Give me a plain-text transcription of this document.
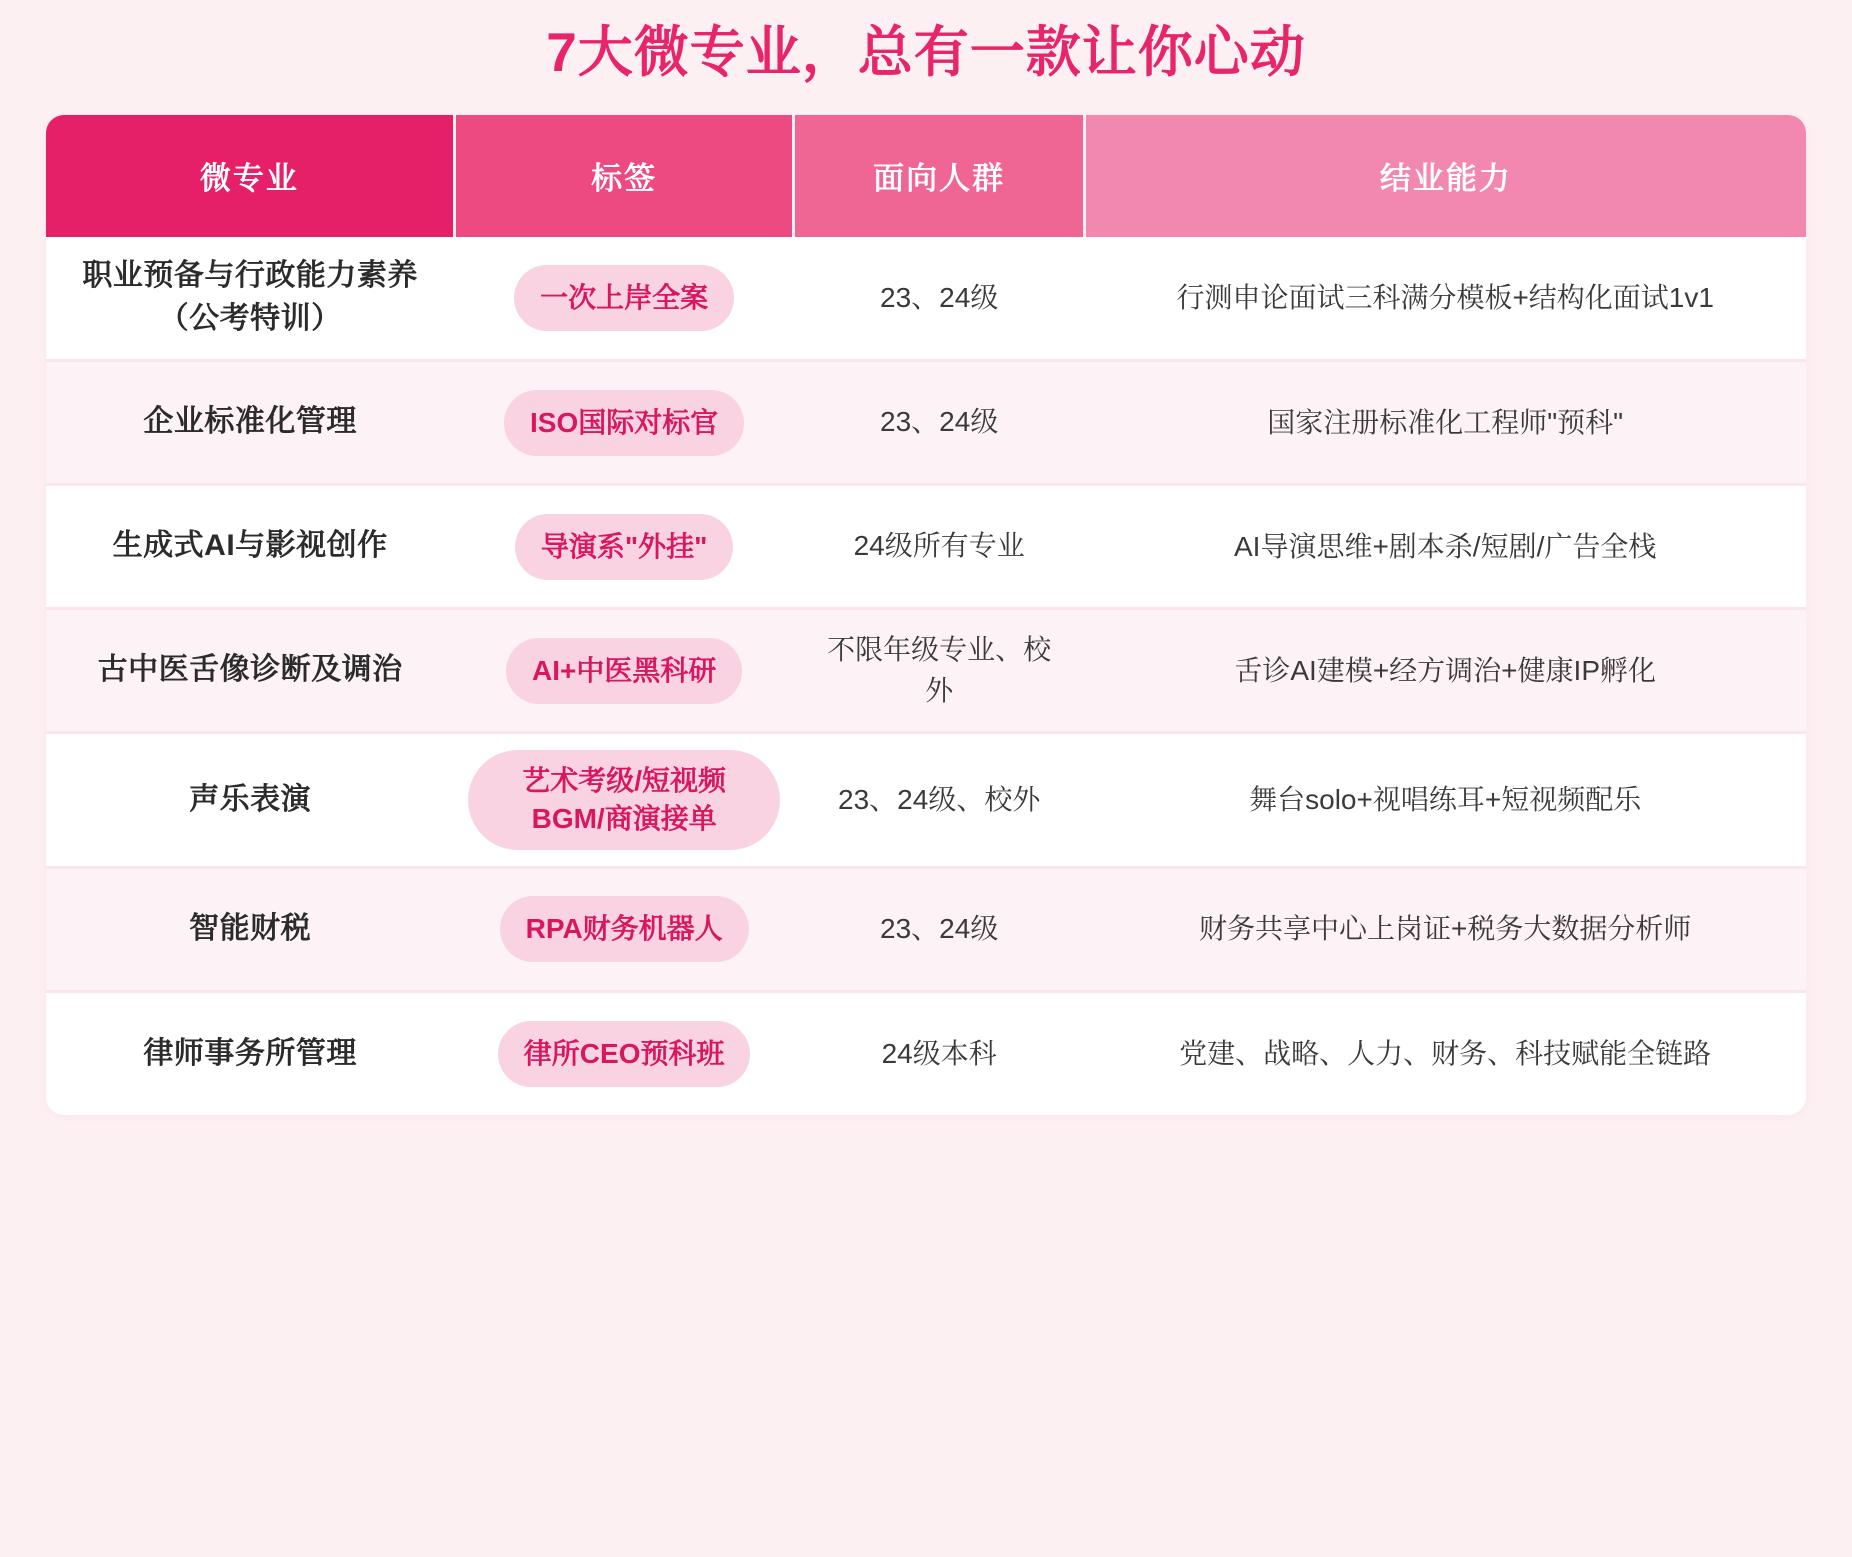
7大微专业，总有一款让你心动
微专业	标签	面向人群	结业能力
职业预备与行政能力素养（公考特训）	一次上岸全案	23、24级	行测申论面试三科满分模板+结构化面试1v1
企业标准化管理	ISO国际对标官	23、24级	国家注册标准化工程师"预科"
生成式AI与影视创作	导演系"外挂"	24级所有专业	AI导演思维+剧本杀/短剧/广告全栈
古中医舌像诊断及调治	AI+中医黑科研	不限年级专业、校外	舌诊AI建模+经方调治+健康IP孵化
声乐表演	艺术考级/短视频BGM/商演接单	23、24级、校外	舞台solo+视唱练耳+短视频配乐
智能财税	RPA财务机器人	23、24级	财务共享中心上岗证+税务大数据分析师
律师事务所管理	律所CEO预科班	24级本科	党建、战略、人力、财务、科技赋能全链路
